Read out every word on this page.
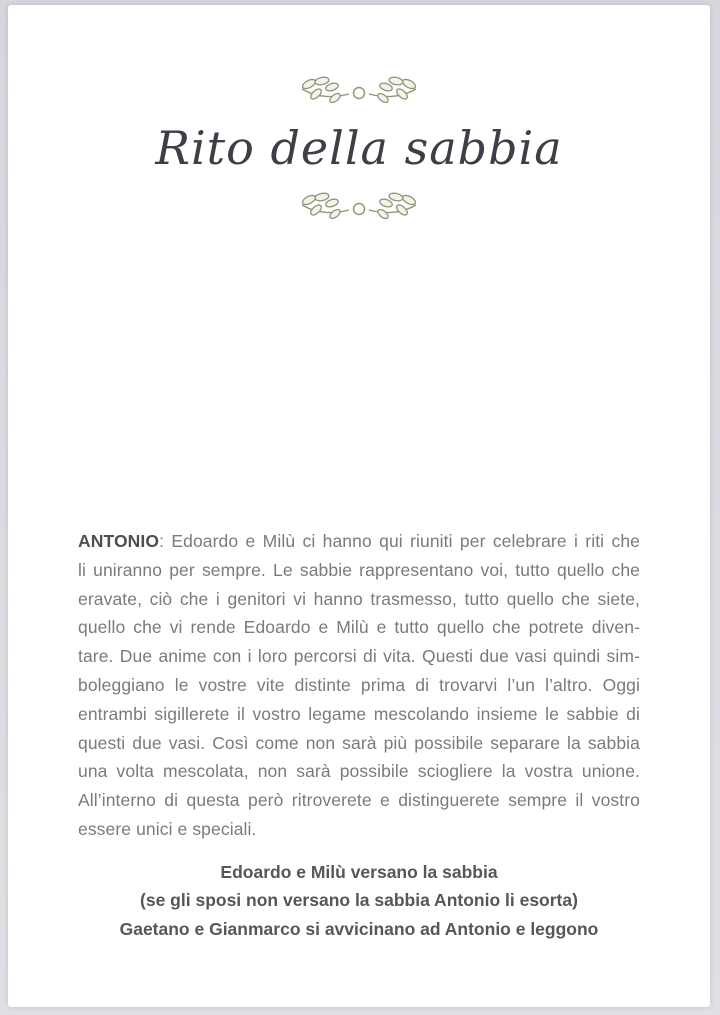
Rito della sabbia
ANTONIO: Edoardo e Milù ci hanno qui riuniti per celebrare i riti che
li uniranno per sempre. Le sabbie rappresentano voi, tutto quello che
eravate, ciò che i genitori vi hanno trasmesso, tutto quello che siete,
quello che vi rende Edoardo e Milù e tutto quello che potrete diven-
tare. Due anime con i loro percorsi di vita. Questi due vasi quindi sim-
boleggiano le vostre vite distinte prima di trovarvi l’un l’altro. Oggi
entrambi sigillerete il vostro legame mescolando insieme le sabbie di
questi due vasi. Così come non sarà più possibile separare la sabbia
una volta mescolata, non sarà possibile sciogliere la vostra unione.
All’interno di questa però ritroverete e distinguerete sempre il vostro
essere unici e speciali.
Edoardo e Milù versano la sabbia
(se gli sposi non versano la sabbia Antonio li esorta)
Gaetano e Gianmarco si avvicinano ad Antonio e leggono
